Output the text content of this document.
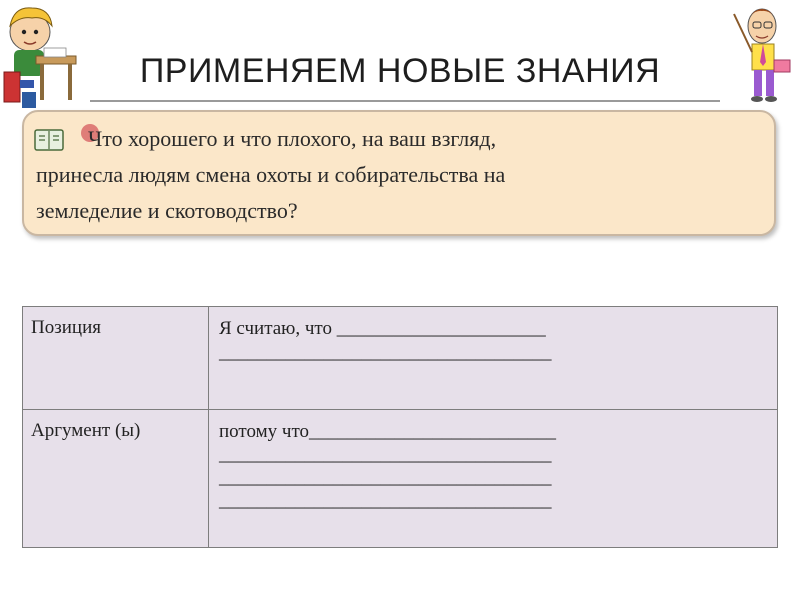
ПРИМЕНЯЕМ НОВЫЕ ЗНАНИЯ
Что хорошего и что плохого, на ваш взгляд,
принесла людям смена охоты и собирательства на
земледелие и скотоводство?
Позиция	Я считаю, что ______________________
___________________________________
Аргумент (ы)	потому что__________________________
___________________________________
___________________________________
___________________________________
